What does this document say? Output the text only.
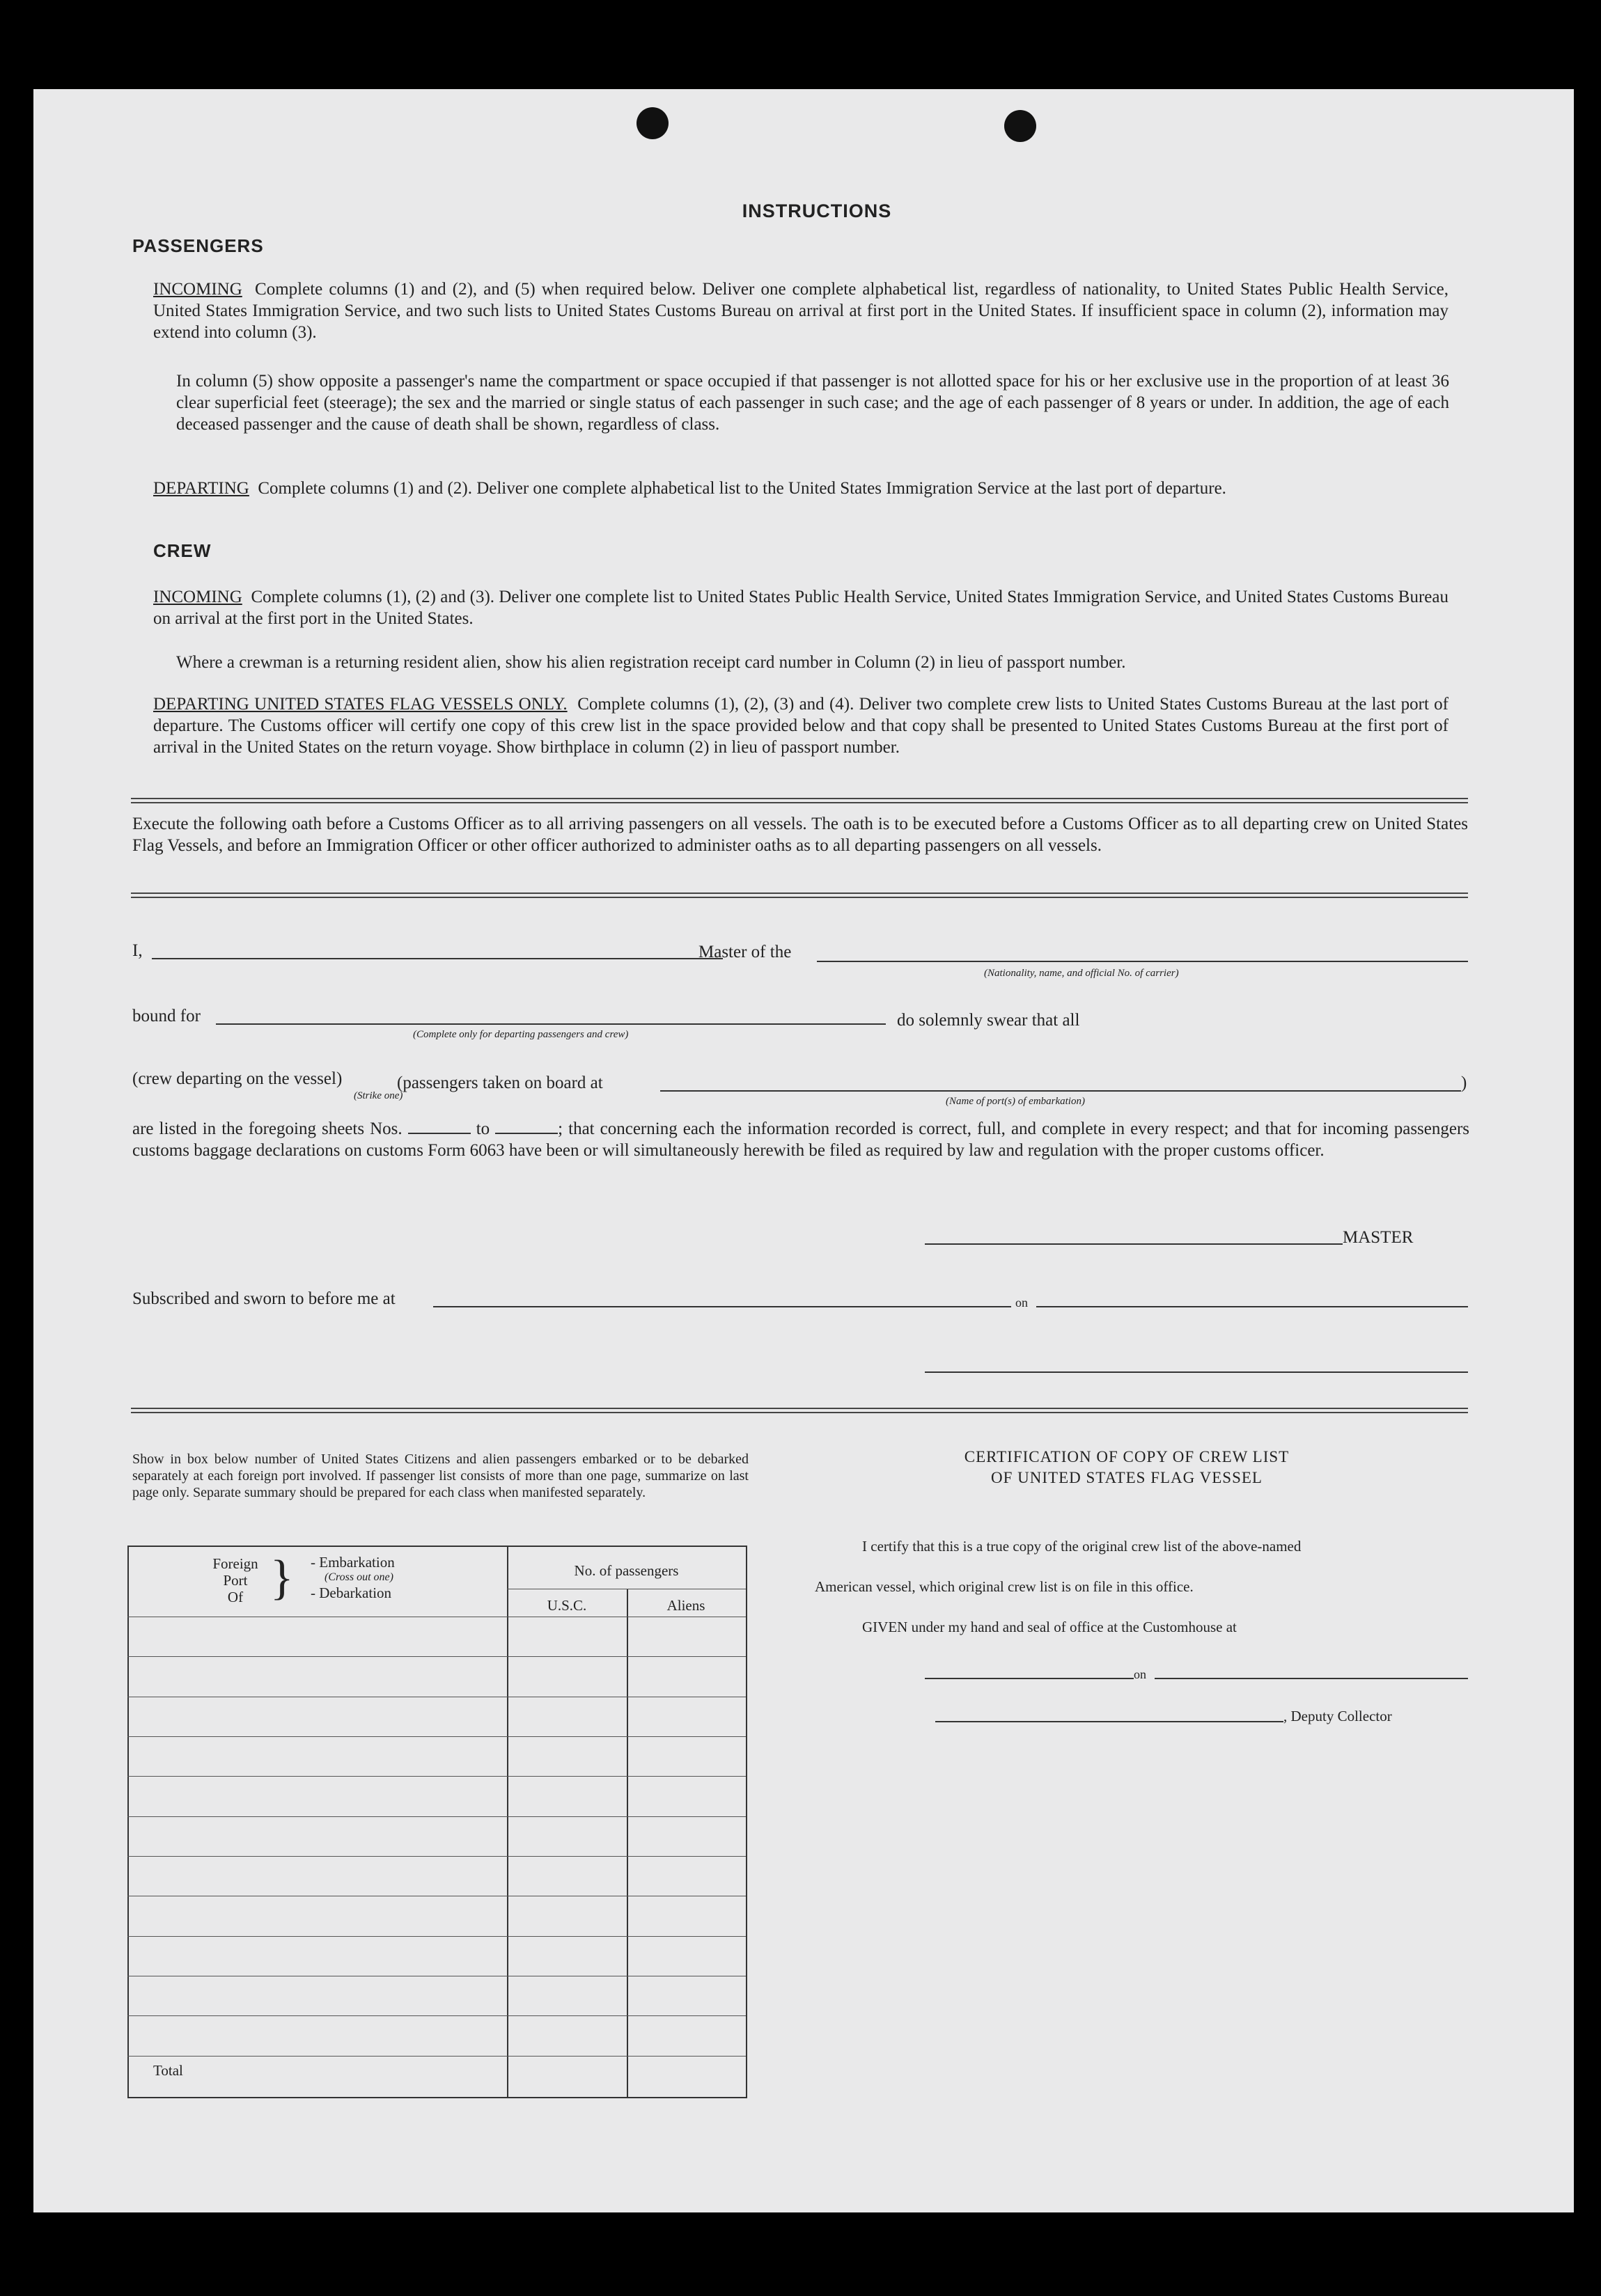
INSTRUCTIONS
PASSENGERS
INCOMING Complete columns (1) and (2), and (5) when required below. Deliver one complete alphabetical list, regardless of nationality, to United States Public Health Service, United States Immigration Service, and two such lists to United States Customs Bureau on arrival at first port in the United States. If insufficient space in column (2), information may extend into column (3).
In column (5) show opposite a passenger's name the compartment or space occupied if that passenger is not allotted space for his or her exclusive use in the proportion of at least 36 clear superficial feet (steerage); the sex and the married or single status of each passenger in such case; and the age of each passenger of 8 years or under. In addition, the age of each deceased passenger and the cause of death shall be shown, regardless of class.
DEPARTING Complete columns (1) and (2). Deliver one complete alphabetical list to the United States Immigration Service at the last port of departure.
CREW
INCOMING Complete columns (1), (2) and (3). Deliver one complete list to United States Public Health Service, United States Immigration Service, and United States Customs Bureau on arrival at the first port in the United States.
Where a crewman is a returning resident alien, show his alien registration receipt card number in Column (2) in lieu of passport number.
DEPARTING UNITED STATES FLAG VESSELS ONLY. Complete columns (1), (2), (3) and (4). Deliver two complete crew lists to United States Customs Bureau at the last port of departure. The Customs officer will certify one copy of this crew list in the space provided below and that copy shall be presented to United States Customs Bureau at the first port of arrival in the United States on the return voyage. Show birthplace in column (2) in lieu of passport number.
Execute the following oath before a Customs Officer as to all arriving passengers on all vessels. The oath is to be executed before a Customs Officer as to all departing crew on United States Flag Vessels, and before an Immigration Officer or other officer authorized to administer oaths as to all departing passengers on all vessels.
I,	Master of the
(Nationality, name, and official No. of carrier)
bound for
(Complete only for departing passengers and crew)
do solemnly swear that all
(crew departing on the vessel)	(passengers taken on board at	)
(Strike one)	(Name of port(s) of embarkation)
are listed in the foregoing sheets Nos.	to	; that concerning each the information recorded is correct, full, and complete in every respect; and that for incoming passengers customs baggage declarations on customs Form 6063 have been or will simultaneously herewith be filed as required by law and regulation with the proper customs officer.
MASTER
Subscribed and sworn to before me at	on
Show in box below number of United States Citizens and alien passengers embarked or to be debarked separately at each foreign port involved. If passenger list consists of more than one page, summarize on last page only. Separate summary should be prepared for each class when manifested separately.
Foreign
Port
Of } - Embarkation
(Cross out one)
- Debarkation
No. of passengers
U.S.C.	Aliens
Total
CERTIFICATION OF COPY OF CREW LIST
OF UNITED STATES FLAG VESSEL
I certify that this is a true copy of the original crew list of the above-named
American vessel, which original crew list is on file in this office.
GIVEN under my hand and seal of office at the Customhouse at
on
, Deputy Collector
